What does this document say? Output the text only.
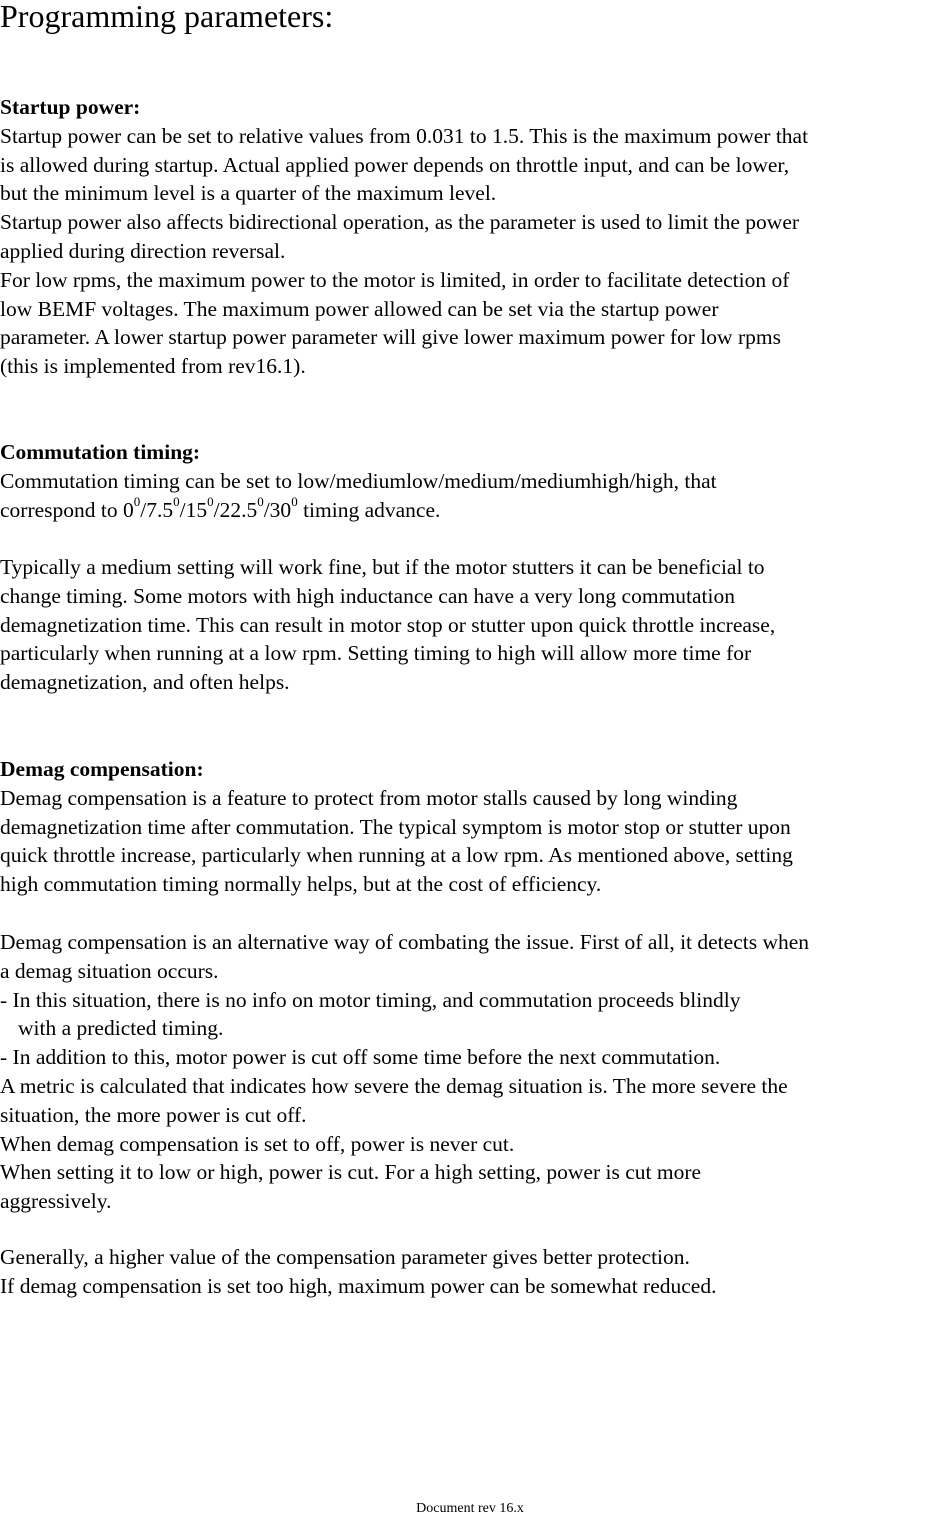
Programming parameters:

Startup power:

Startup power can be set to relative values from 0.031 to 1.5. This is the maximum power that

is allowed during startup. Actual applied power depends on throttle input, and can be lower,

but the minimum level is a quarter of the maximum level.

Startup power also affects bidirectional operation, as the parameter is used to limit the power

applied during direction reversal.

For low rpms, the maximum power to the motor is limited, in order to facilitate detection of

low BEMF voltages. The maximum power allowed can be set via the startup power

parameter. A lower startup power parameter will give lower maximum power for low rpms

(this is implemented from rev16.1).

Commutation timing:

Commutation timing can be set to low/mediumlow/medium/mediumhigh/high, that

correspond to $0^0/7.5^0/15^0/22.5^0/30^0$ timing advance.

Typically a medium setting will work fine, but if the motor stutters it can be beneficial to

change timing. Some motors with high inductance can have a very long commutation

demagnetization time. This can result in motor stop or stutter upon quick throttle increase,

particularly when running at a low rpm. Setting timing to high will allow more time for

demagnetization, and often helps.

Demag compensation:

Demag compensation is a feature to protect from motor stalls caused by long winding

demagnetization time after commutation. The typical symptom is motor stop or stutter upon

quick throttle increase, particularly when running at a low rpm. As mentioned above, setting

high commutation timing normally helps, but at the cost of efficiency.

Demag compensation is an alternative way of combating the issue. First of all, it detects when

a demag situation occurs.

- In this situation, there is no info on motor timing, and commutation proceeds blindly

with a predicted timing.

- In addition to this, motor power is cut off some time before the next commutation.

A metric is calculated that indicates how severe the demag situation is. The more severe the

situation, the more power is cut off.

When demag compensation is set to off, power is never cut.

When setting it to low or high, power is cut. For a high setting, power is cut more

aggressively.

Generally, a higher value of the compensation parameter gives better protection.

If demag compensation is set too high, maximum power can be somewhat reduced.

Document rev 16.x
